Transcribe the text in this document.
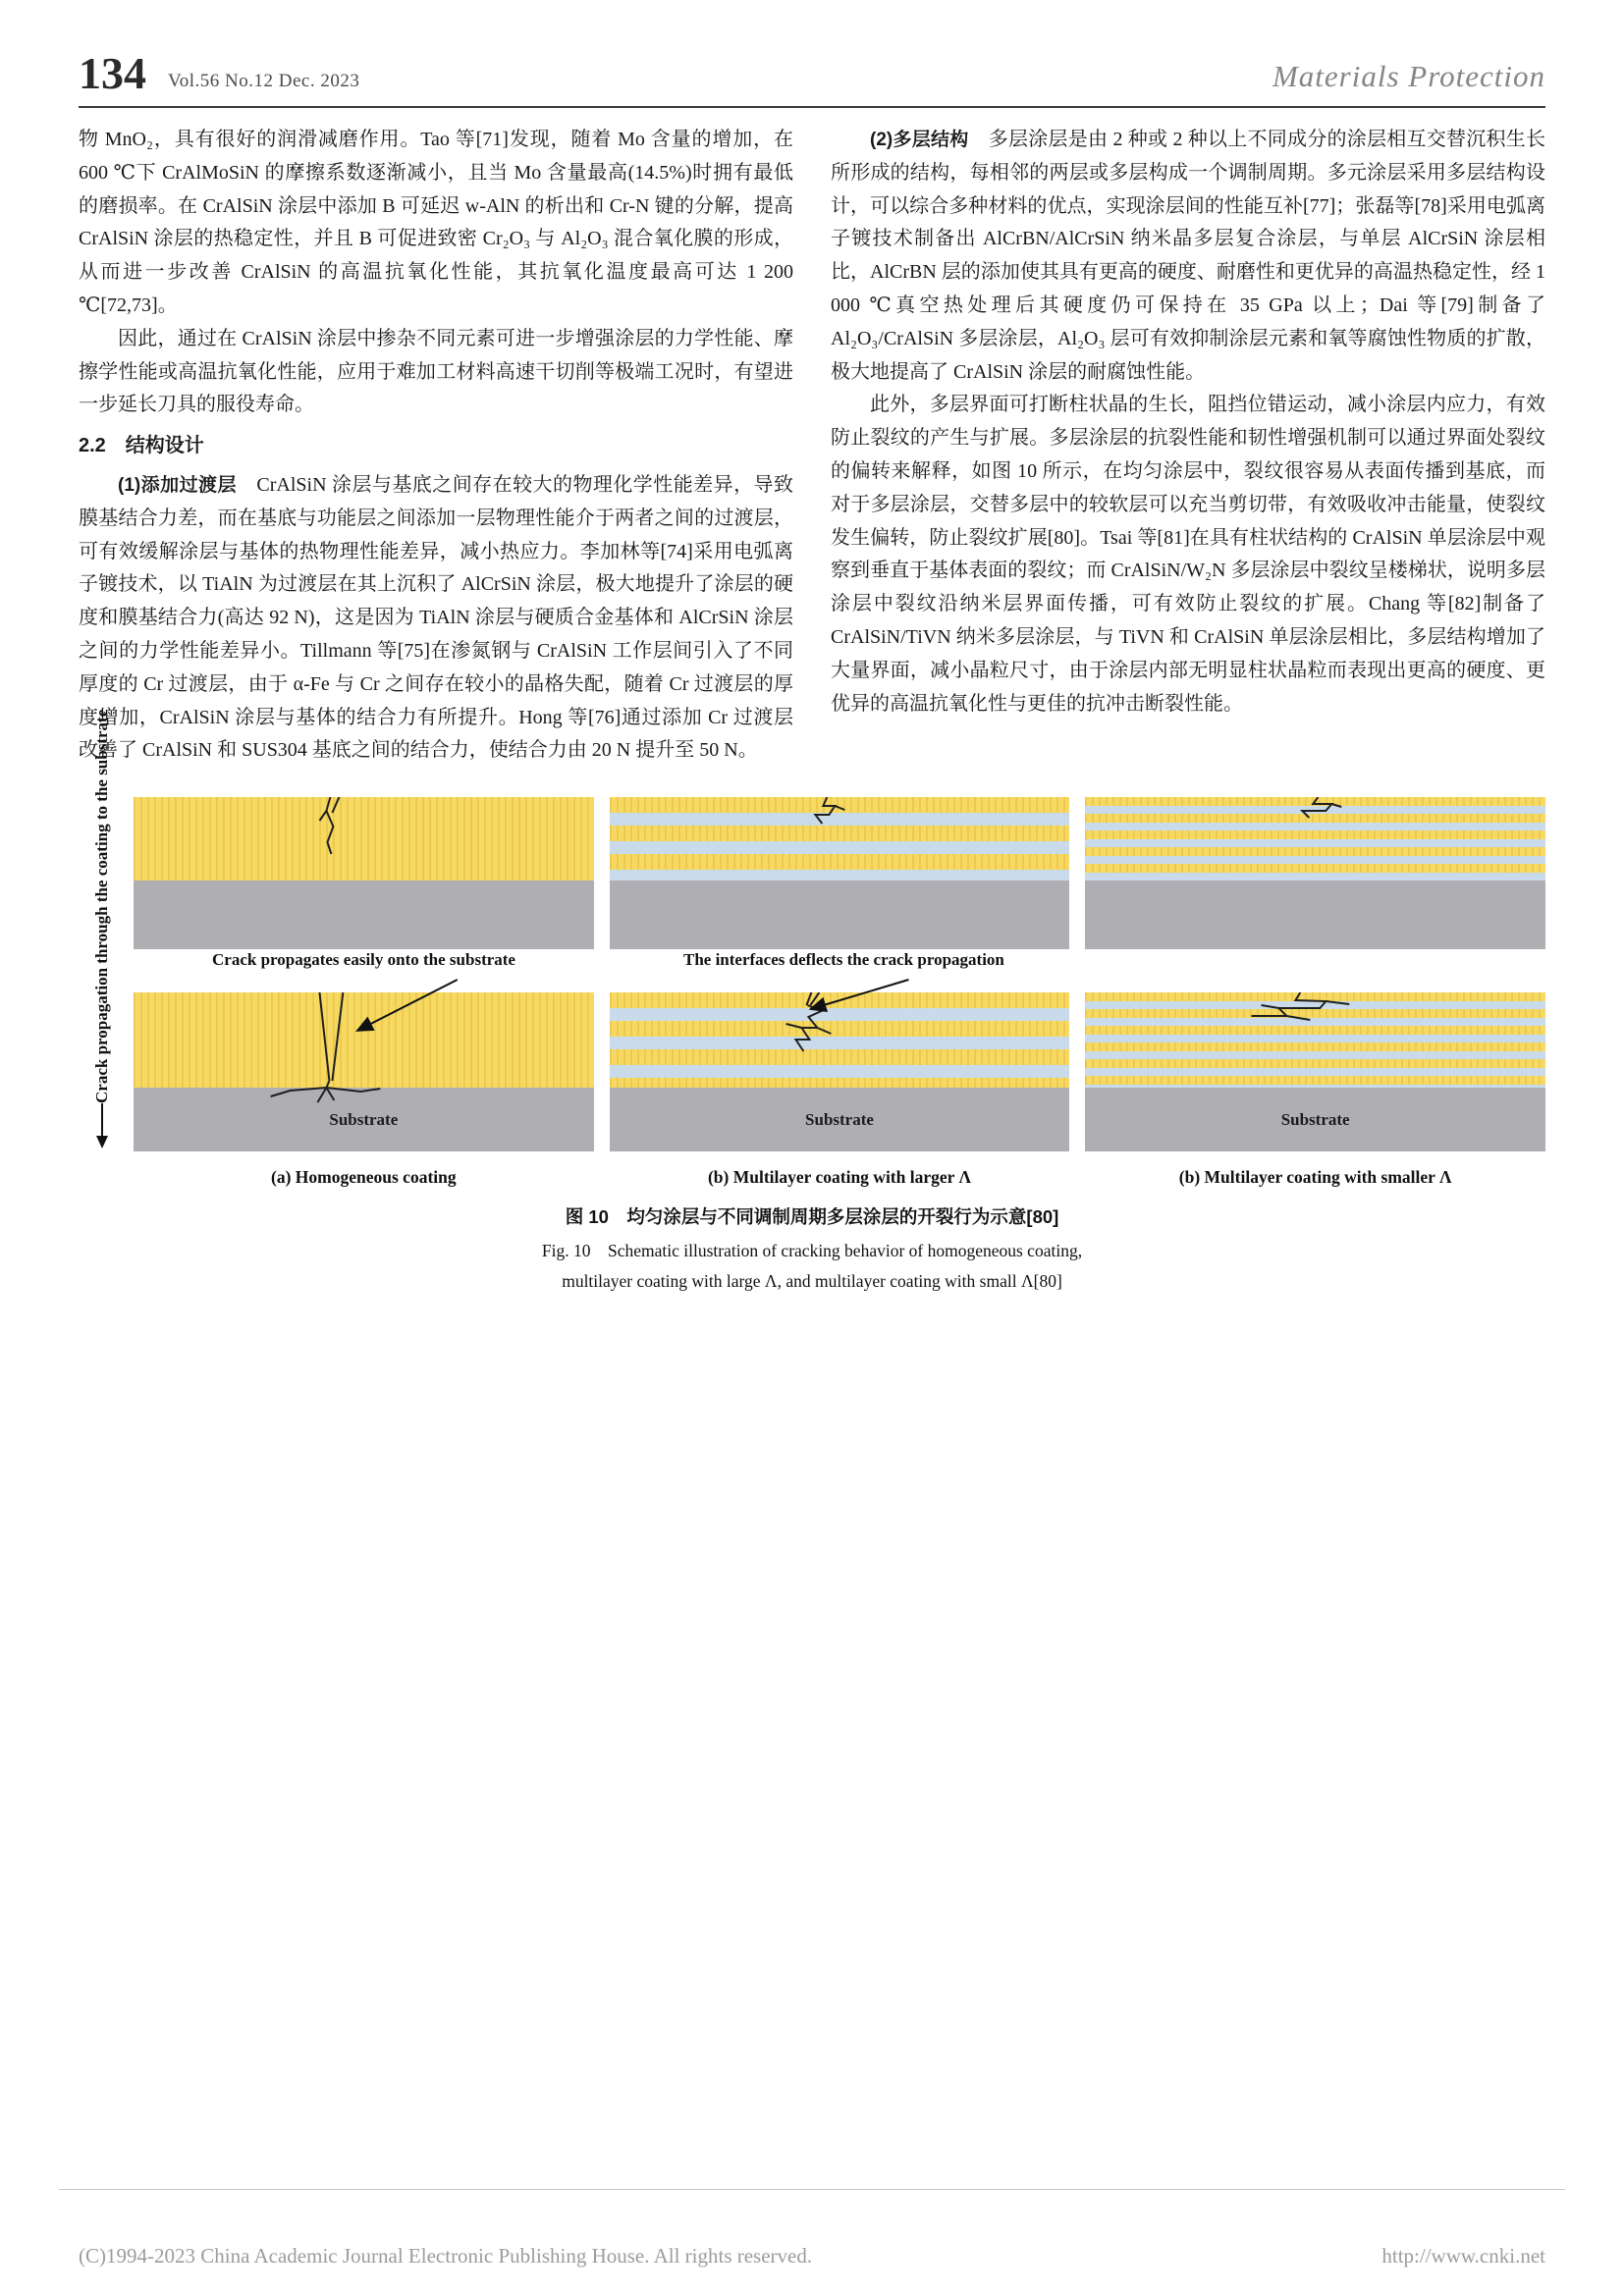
134 Vol.56 No.12 Dec. 2023	Materials Protection

物 MnO₂，具有很好的润滑减磨作用。Tao 等[71]发现，随着 Mo 含量的增加，在 600 ℃下 CrAlMoSiN 的摩擦系数逐渐减小，且当 Mo 含量最高(14.5%)时拥有最低的磨损率。在 CrAlSiN 涂层中添加 B 可延迟 w-AlN 的析出和 Cr-N 键的分解，提高 CrAlSiN 涂层的热稳定性，并且 B 可促进致密 Cr₂O₃ 与 Al₂O₃ 混合氧化膜的形成，从而进一步改善 CrAlSiN 的高温抗氧化性能，其抗氧化温度最高可达 1 200 ℃[72,73]。

因此，通过在 CrAlSiN 涂层中掺杂不同元素可进一步增强涂层的力学性能、摩擦学性能或高温抗氧化性能，应用于难加工材料高速干切削等极端工况时，有望进一步延长刀具的服役寿命。

2.2　结构设计

(1)添加过渡层　CrAlSiN 涂层与基底之间存在较大的物理化学性能差异，导致膜基结合力差，而在基底与功能层之间添加一层物理性能介于两者之间的过渡层，可有效缓解涂层与基体的热物理性能差异，减小热应力。李加林等[74]采用电弧离子镀技术，以 TiAlN 为过渡层在其上沉积了 AlCrSiN 涂层，极大地提升了涂层的硬度和膜基结合力(高达 92 N)，这是因为 TiAlN 涂层与硬质合金基体和 AlCrSiN 涂层之间的力学性能差异小。Tillmann 等[75]在渗氮钢与 CrAlSiN 工作层间引入了不同厚度的 Cr 过渡层，由于 α-Fe 与 Cr 之间存在较小的晶格失配，随着 Cr 过渡层的厚度增加，CrAlSiN 涂层与基体的结合力有所提升。Hong 等[76]通过添加 Cr 过渡层改善了 CrAlSiN 和 SUS304 基底之间的结合力，使结合力由 20 N 提升至 50 N。

(2)多层结构　多层涂层是由 2 种或 2 种以上不同成分的涂层相互交替沉积生长所形成的结构，每相邻的两层或多层构成一个调制周期。多元涂层采用多层结构设计，可以综合多种材料的优点，实现涂层间的性能互补[77]；张磊等[78]采用电弧离子镀技术制备出 AlCrBN/AlCrSiN 纳米晶多层复合涂层，与单层 AlCrSiN 涂层相比，AlCrBN 层的添加使其具有更高的硬度、耐磨性和更优异的高温热稳定性，经 1 000 ℃真空热处理后其硬度仍可保持在 35 GPa 以上；Dai 等[79]制备了 Al₂O₃/CrAlSiN 多层涂层，Al₂O₃ 层可有效抑制涂层元素和氧等腐蚀性物质的扩散，极大地提高了 CrAlSiN 涂层的耐腐蚀性能。

此外，多层界面可打断柱状晶的生长，阻挡位错运动，减小涂层内应力，有效防止裂纹的产生与扩展。多层涂层的抗裂性能和韧性增强机制可以通过界面处裂纹的偏转来解释，如图 10 所示，在均匀涂层中，裂纹很容易从表面传播到基底，而对于多层涂层，交替多层中的较软层可以充当剪切带，有效吸收冲击能量，使裂纹发生偏转，防止裂纹扩展[80]。Tsai 等[81]在具有柱状结构的 CrAlSiN 单层涂层中观察到垂直于基体表面的裂纹；而 CrAlSiN/W₂N 多层涂层中裂纹呈楼梯状，说明多层涂层中裂纹沿纳米层界面传播，可有效防止裂纹的扩展。Chang 等[82]制备了 CrAlSiN/TiVN 纳米多层涂层，与 TiVN 和 CrAlSiN 单层涂层相比，多层结构增加了大量界面，减小晶粒尺寸，由于涂层内部无明显柱状晶粒而表现出更高的硬度、更优异的高温抗氧化性与更佳的抗冲击断裂性能。

Crack propagation through the coating to the substrate
Substrate	Substrate	Substrate
Crack propagates easily onto the substrate	The interfaces deflects the crack propagation
(a) Homogeneous coating	(b) Multilayer coating with larger Λ	(b) Multilayer coating with smaller Λ
图 10　均匀涂层与不同调制周期多层涂层的开裂行为示意[80]
Fig. 10　Schematic illustration of cracking behavior of homogeneous coating,
multilayer coating with large Λ, and multilayer coating with small Λ[80]
(C)1994-2023 China Academic Journal Electronic Publishing House. All rights reserved.	http://www.cnki.net
